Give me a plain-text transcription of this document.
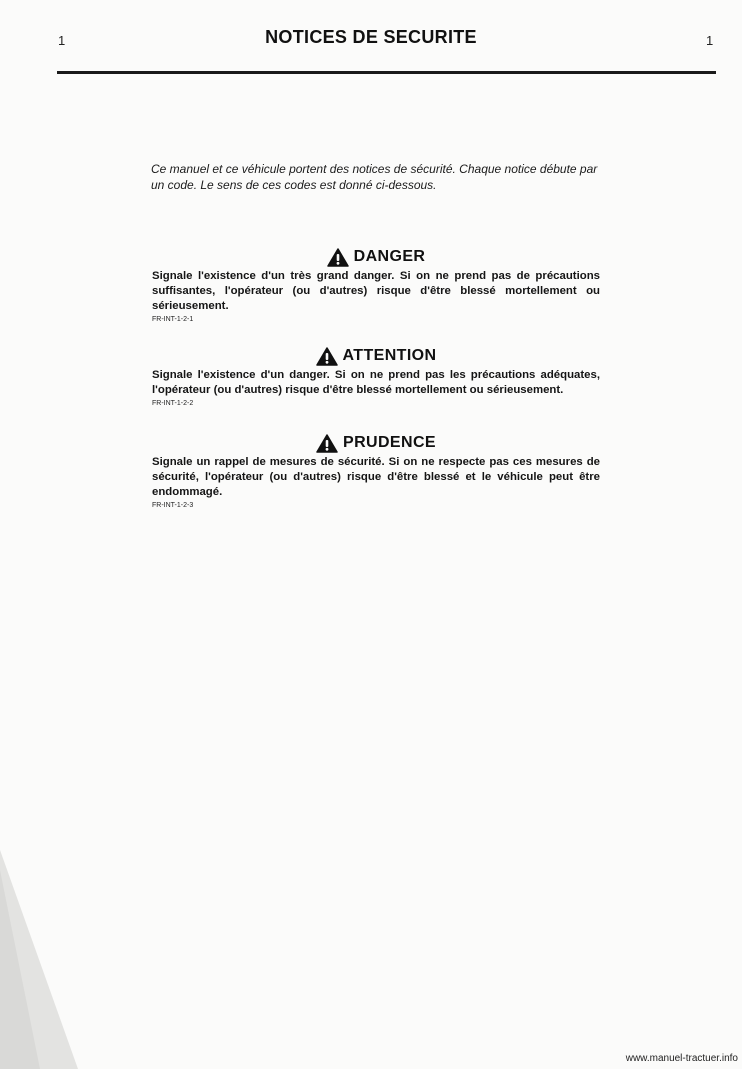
1	NOTICES DE SECURITE	1
Ce manuel et ce véhicule portent des notices de sécurité. Chaque notice débute par un code. Le sens de ces codes est donné ci-dessous.
DANGER
Signale l'existence d'un très grand danger. Si on ne prend pas de précautions suffisantes, l'opérateur (ou d'autres) risque d'être blessé mortellement ou sérieusement.
FR-INT-1-2-1
ATTENTION
Signale l'existence d'un danger. Si on ne prend pas les précautions adéquates, l'opérateur (ou d'autres) risque d'être blessé mortellement ou sérieusement.
FR-INT-1-2-2
PRUDENCE
Signale un rappel de mesures de sécurité. Si on ne respecte pas ces mesures de sécurité, l'opérateur (ou d'autres) risque d'être blessé et le véhicule peut être endommagé.
FR-INT-1-2-3
www.manuel-tractuer.info
